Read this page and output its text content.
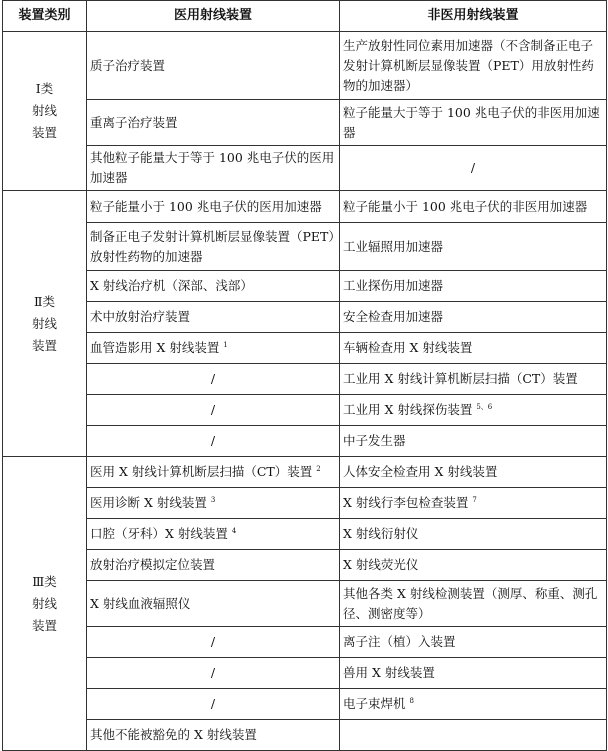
装置类别	医用射线装置	非医用射线装置

Ⅰ类
射线
装置	质子治疗装置	生产放射性同位素用加速器（不含制备正电子发射计算机断层显像装置（PET）用放射性药物的加速器）
	重离子治疗装置	粒子能量大于等于 100 兆电子伏的非医用加速器
	其他粒子能量大于等于 100 兆电子伏的医用加速器	/

Ⅱ类
射线
装置	粒子能量小于 100 兆电子伏的医用加速器	粒子能量小于 100 兆电子伏的非医用加速器
	制备正电子发射计算机断层显像装置（PET）放射性药物的加速器	工业辐照用加速器
	X 射线治疗机（深部、浅部）	工业探伤用加速器
	术中放射治疗装置	安全检查用加速器
	血管造影用 X 射线装置 $^1$	车辆检查用 X 射线装置
	/	工业用 X 射线计算机断层扫描（CT）装置
	/	工业用 X 射线探伤装置 $^{5、6}$
	/	中子发生器

Ⅲ类
射线
装置	医用 X 射线计算机断层扫描（CT）装置 $^2$	人体安全检查用 X 射线装置
	医用诊断 X 射线装置 $^3$	X 射线行李包检查装置 $^7$
	口腔（牙科）X 射线装置 $^4$	X 射线衍射仪
	放射治疗模拟定位装置	X 射线荧光仪
	X 射线血液辐照仪	其他各类 X 射线检测装置（测厚、称重、测孔径、测密度等）
	/	离子注（植）入装置
	/	兽用 X 射线装置
	/	电子束焊机 $^8$
	其他不能被豁免的 X 射线装置	
